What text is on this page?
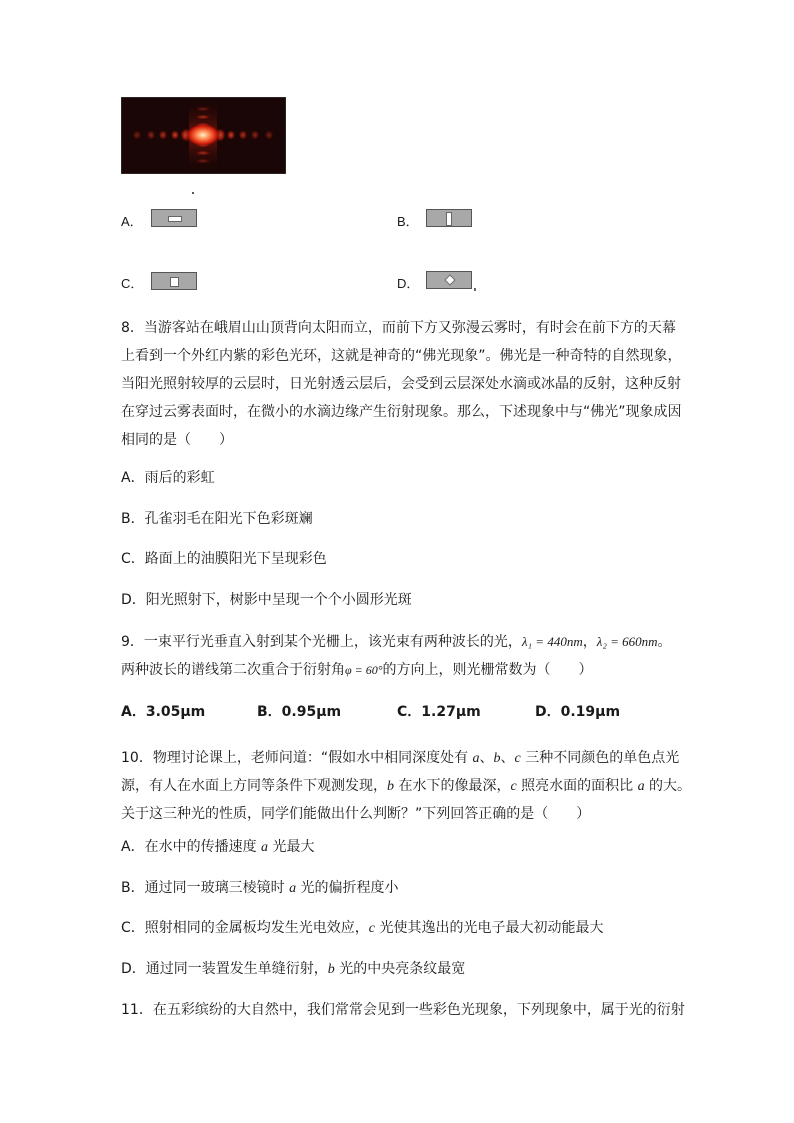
A．	B．
C．	D．
8．当游客站在峨眉山山顶背向太阳而立，而前下方又弥漫云雾时，有时会在前下方的天幕
上看到一个外红内紫的彩色光环，这就是神奇的“佛光现象”。佛光是一种奇特的自然现象，
当阳光照射较厚的云层时，日光射透云层后，会受到云层深处水滴或冰晶的反射，这种反射
在穿过云雾表面时，在微小的水滴边缘产生衍射现象。那么，下述现象中与“佛光”现象成因
相同的是（　　）
A．雨后的彩虹
B．孔雀羽毛在阳光下色彩斑斓
C．路面上的油膜阳光下呈现彩色
D．阳光照射下，树影中呈现一个个小圆形光斑
9．一束平行光垂直入射到某个光栅上，该光束有两种波长的光，λ₁ = 440nm，λ₂ = 660nm。
两种波长的谱线第二次重合于衍射角φ = 60°的方向上，则光栅常数为（　　）
A．3.05μm	B．0.95μm	C．1.27μm	D．0.19μm
10．物理讨论课上，老师问道：“假如水中相同深度处有 a、b、c 三种不同颜色的单色点光
源，有人在水面上方同等条件下观测发现，b 在水下的像最深，c 照亮水面的面积比 a 的大。
关于这三种光的性质，同学们能做出什么判断？”下列回答正确的是（　　）
A．在水中的传播速度 a 光最大
B．通过同一玻璃三棱镜时 a 光的偏折程度小
C．照射相同的金属板均发生光电效应，c 光使其逸出的光电子最大初动能最大
D．通过同一装置发生单缝衍射，b 光的中央亮条纹最宽
11．在五彩缤纷的大自然中，我们常常会见到一些彩色光现象，下列现象中，属于光的衍射
